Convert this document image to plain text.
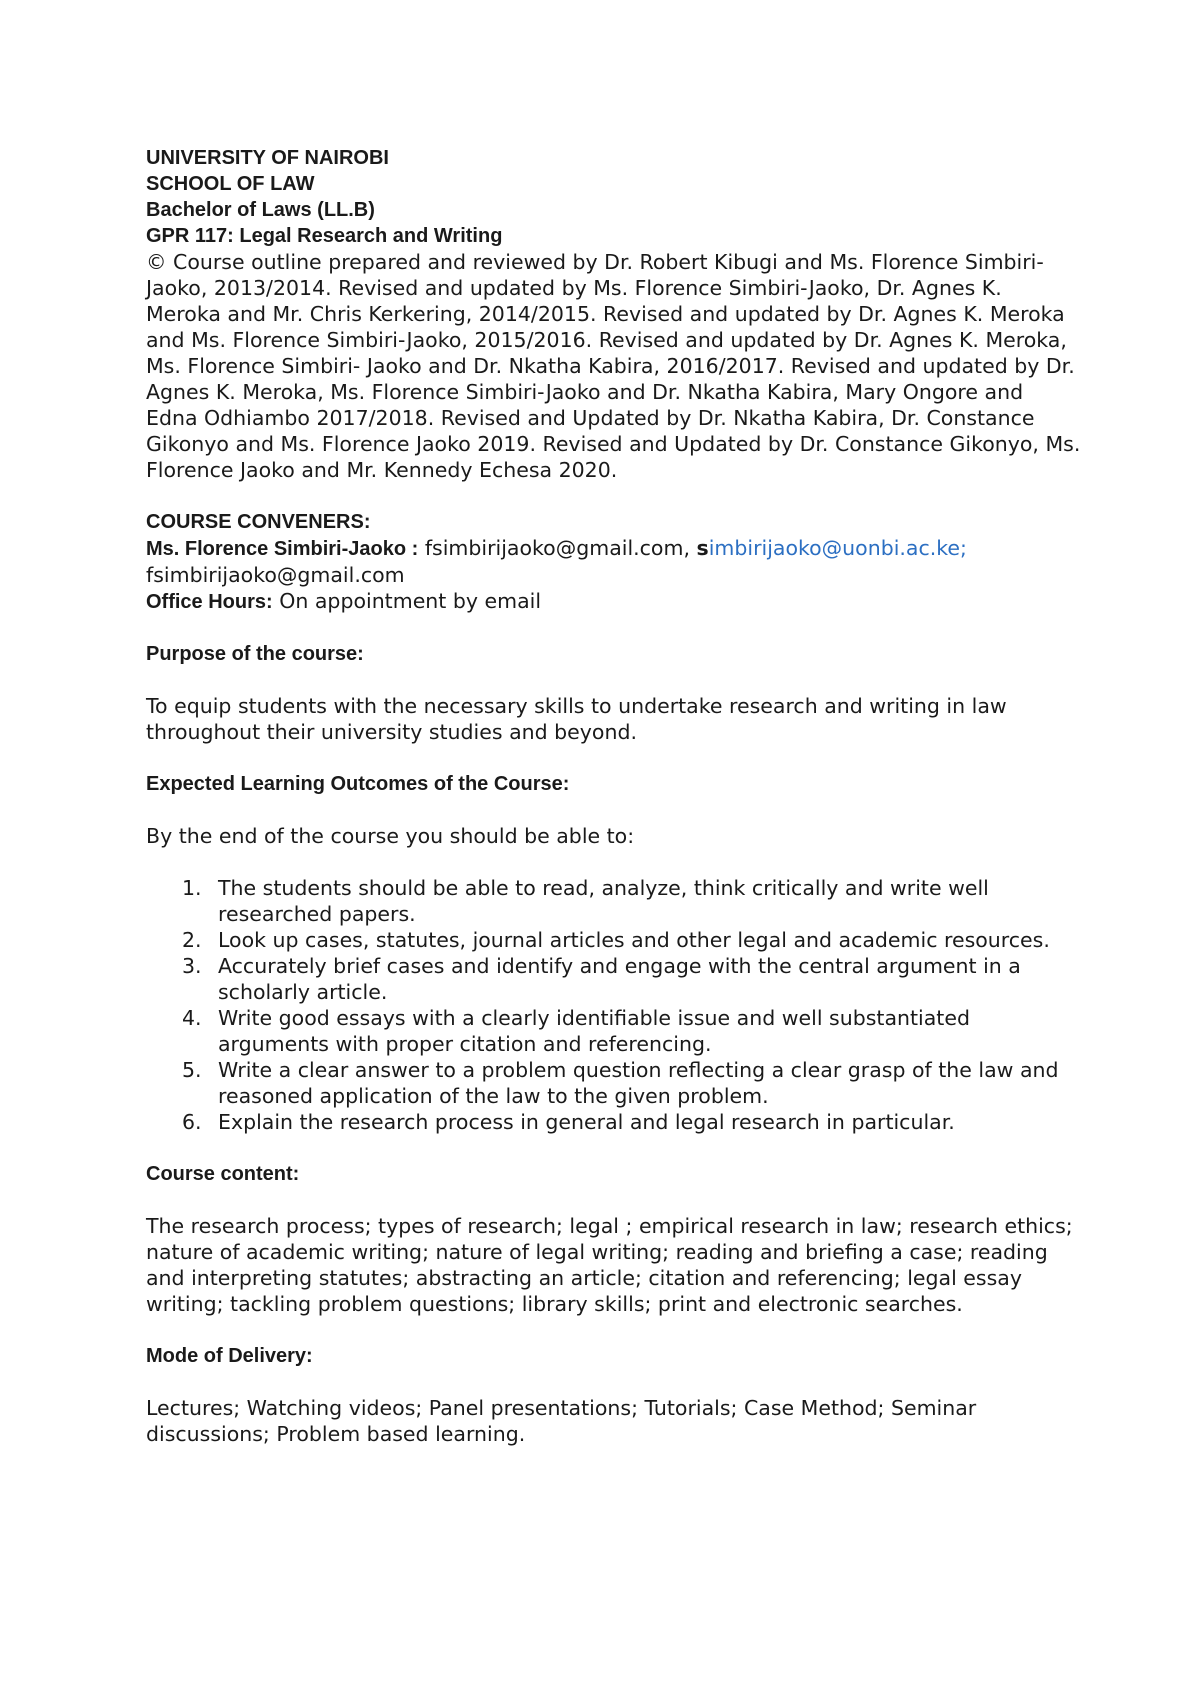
UNIVERSITY OF NAIROBI
SCHOOL OF LAW
Bachelor of Laws (LL.B)
GPR 117: Legal Research and Writing

© Course outline prepared and reviewed by Dr. Robert Kibugi and Ms. Florence Simbiri-Jaoko, 2013/2014. Revised and updated by Ms. Florence Simbiri-Jaoko, Dr. Agnes K. Meroka and Mr. Chris Kerkering, 2014/2015. Revised and updated by Dr. Agnes K. Meroka and Ms. Florence Simbiri-Jaoko, 2015/2016. Revised and updated by Dr. Agnes K. Meroka, Ms. Florence Simbiri- Jaoko and Dr. Nkatha Kabira, 2016/2017. Revised and updated by Dr. Agnes K. Meroka, Ms. Florence Simbiri-Jaoko and Dr. Nkatha Kabira, Mary Ongore and Edna Odhiambo 2017/2018. Revised and Updated by Dr. Nkatha Kabira, Dr. Constance Gikonyo and Ms. Florence Jaoko 2019. Revised and Updated by Dr. Constance Gikonyo, Ms. Florence Jaoko and Mr. Kennedy Echesa 2020.

COURSE CONVENERS:
Ms. Florence Simbiri-Jaoko : fsimbirijaoko@gmail.com, simbirijaoko@uonbi.ac.ke;
fsimbirijaoko@gmail.com
Office Hours: On appointment by email
Purpose of the course:

To equip students with the necessary skills to undertake research and writing in law throughout their university studies and beyond.

Expected Learning Outcomes of the Course:
By the end of the course you should be able to:
1. The students should be able to read, analyze, think critically and write well researched papers.
2. Look up cases, statutes, journal articles and other legal and academic resources.
3. Accurately brief cases and identify and engage with the central argument in a scholarly article.
4. Write good essays with a clearly identifiable issue and well substantiated arguments with proper citation and referencing.
5. Write a clear answer to a problem question reflecting a clear grasp of the law and reasoned application of the law to the given problem.
6. Explain the research process in general and legal research in particular.
Course content:

The research process; types of research; legal ; empirical research in law; research ethics; nature of academic writing; nature of legal writing; reading and briefing a case; reading and interpreting statutes; abstracting an article; citation and referencing; legal essay writing; tackling problem questions; library skills; print and electronic searches.

Mode of Delivery:

Lectures; Watching videos; Panel presentations; Tutorials; Case Method; Seminar discussions; Problem based learning.
